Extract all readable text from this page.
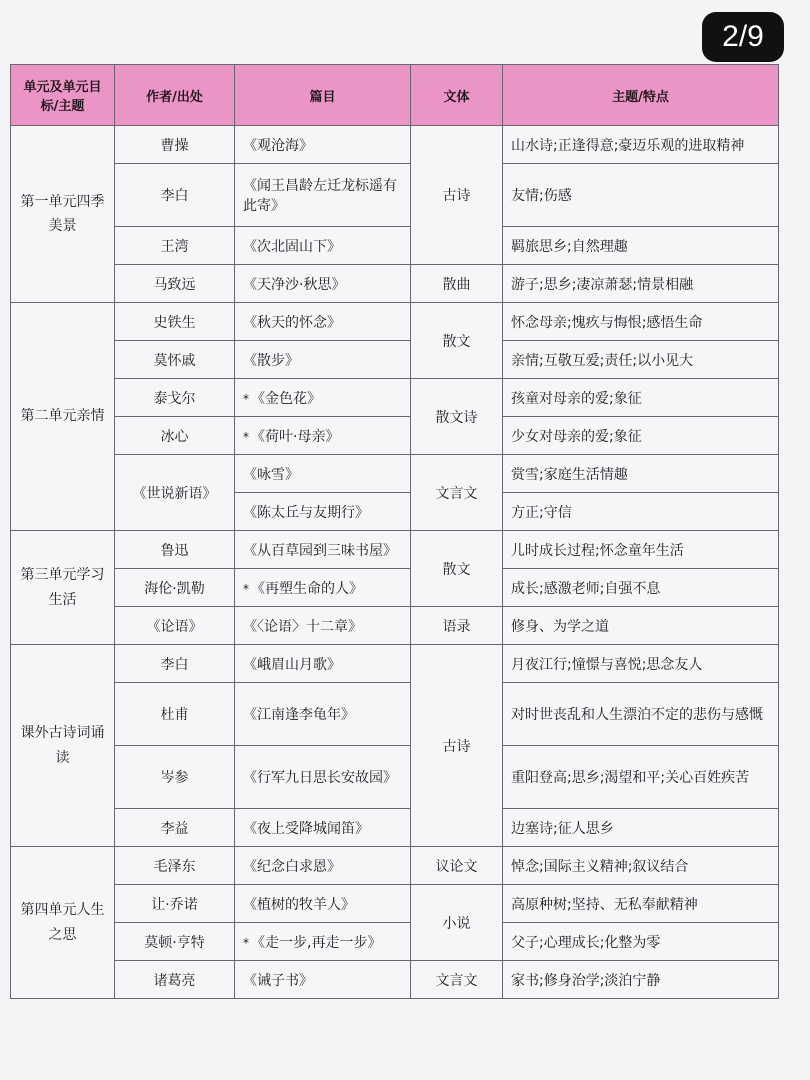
2/9
单元及单元目标/主题	作者/出处	篇目	文体	主题/特点
第一单元四季美景	曹操	《观沧海》	古诗	山水诗;正逢得意;豪迈乐观的进取精神
	李白	《闻王昌龄左迁龙标遥有此寄》		友情;伤感
	王湾	《次北固山下》		羁旅思乡;自然理趣
	马致远	《天净沙·秋思》	散曲	游子;思乡;凄凉萧瑟;情景相融
第二单元亲情	史铁生	《秋天的怀念》	散文	怀念母亲;愧疚与悔恨;感悟生命
	莫怀戚	《散步》		亲情;互敬互爱;责任;以小见大
	泰戈尔	* 《金色花》	散文诗	孩童对母亲的爱;象征
	冰心	* 《荷叶·母亲》		少女对母亲的爱;象征
	《世说新语》	《咏雪》	文言文	赏雪;家庭生活情趣
		《陈太丘与友期行》		方正;守信
第三单元学习生活	鲁迅	《从百草园到三味书屋》	散文	儿时成长过程;怀念童年生活
	海伦·凯勒	* 《再塑生命的人》		成长;感激老师;自强不息
	《论语》	《〈论语〉十二章》	语录	修身、为学之道
课外古诗词诵读	李白	《峨眉山月歌》	古诗	月夜江行;憧憬与喜悦;思念友人
	杜甫	《江南逢李龟年》		对时世丧乱和人生漂泊不定的悲伤与感慨
	岑参	《行军九日思长安故园》		重阳登高;思乡;渴望和平;关心百姓疾苦
	李益	《夜上受降城闻笛》		边塞诗;征人思乡
第四单元人生之思	毛泽东	《纪念白求恩》	议论文	悼念;国际主义精神;叙议结合
	让·乔诺	《植树的牧羊人》	小说	高原种树;坚持、无私奉献精神
	莫顿·亨特	* 《走一步,再走一步》		父子;心理成长;化整为零
	诸葛亮	《诫子书》	文言文	家书;修身治学;淡泊宁静
